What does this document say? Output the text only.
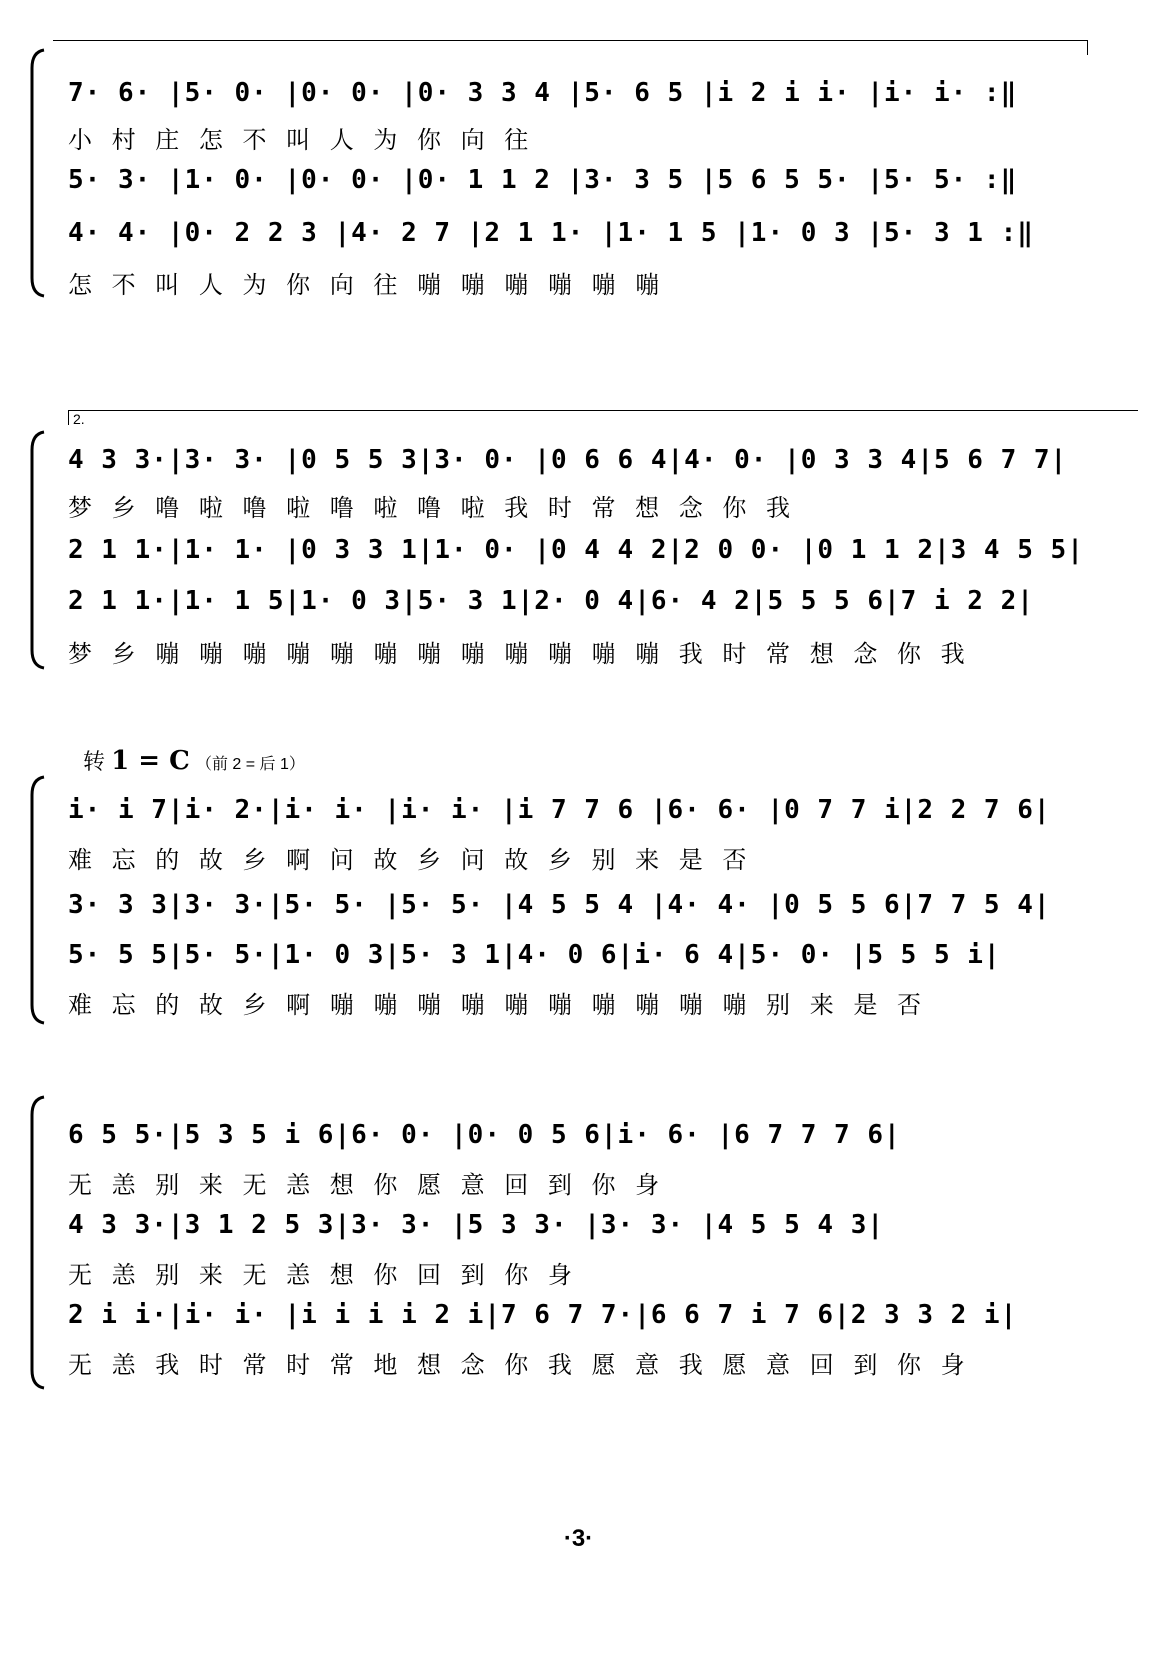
7· 6· |5· 0· |0· 0· |0· 3 3 4 |5· 6 5 |i 2 i i· |i· i· :‖
小 村 庄 怎 不 叫 人 为 你 向 往
5· 3· |1· 0· |0· 0· |0· 1 1 2 |3· 3 5 |5 6 5 5· |5· 5· :‖
4· 4· |0· 2 2 3 |4· 2 7 |2 1 1· |1· 1 5 |1· 0 3 |5· 3 1 :‖
怎 不 叫 人 为 你 向 往 嘣 嘣 嘣 嘣 嘣 嘣
2.
4 3 3·|3· 3· |0 5 5 3|3· 0· |0 6 6 4|4· 0· |0 3 3 4|5 6 7 7|
梦 乡 噜 啦 噜 啦 噜 啦 噜 啦 我 时 常 想 念 你 我
2 1 1·|1· 1· |0 3 3 1|1· 0· |0 4 4 2|2 0 0· |0 1 1 2|3 4 5 5|
2 1 1·|1· 1 5|1· 0 3|5· 3 1|2· 0 4|6· 4 2|5 5 5 6|7 i 2 2|
梦 乡 嘣 嘣 嘣 嘣 嘣 嘣 嘣 嘣 嘣 嘣 嘣 嘣 我 时 常 想 念 你 我
转 1 = C （前 2 = 后 1）
i· i 7|i· 2·|i· i· |i· i· |i 7 7 6 |6· 6· |0 7 7 i|2 2 7 6|
难 忘 的 故 乡 啊 问 故 乡 问 故 乡 别 来 是 否
3· 3 3|3· 3·|5· 5· |5· 5· |4 5 5 4 |4· 4· |0 5 5 6|7 7 5 4|
5· 5 5|5· 5·|1· 0 3|5· 3 1|4· 0 6|i· 6 4|5· 0· |5 5 5 i|
难 忘 的 故 乡 啊 嘣 嘣 嘣 嘣 嘣 嘣 嘣 嘣 嘣 嘣 别 来 是 否
6 5 5·|5 3 5 i 6|6· 0· |0· 0 5 6|i· 6· |6 7 7 7 6|
无 恙 别 来 无 恙 想 你 愿 意 回 到 你 身
4 3 3·|3 1 2 5 3|3· 3· |5 3 3· |3· 3· |4 5 5 4 3|
无 恙 别 来 无 恙 想 你 回 到 你 身
2 i i·|i· i· |i i i i 2 i|7 6 7 7·|6 6 7 i 7 6|2 3 3 2 i|
无 恙 我 时 常 时 常 地 想 念 你 我 愿 意 我 愿 意 回 到 你 身
·3·
